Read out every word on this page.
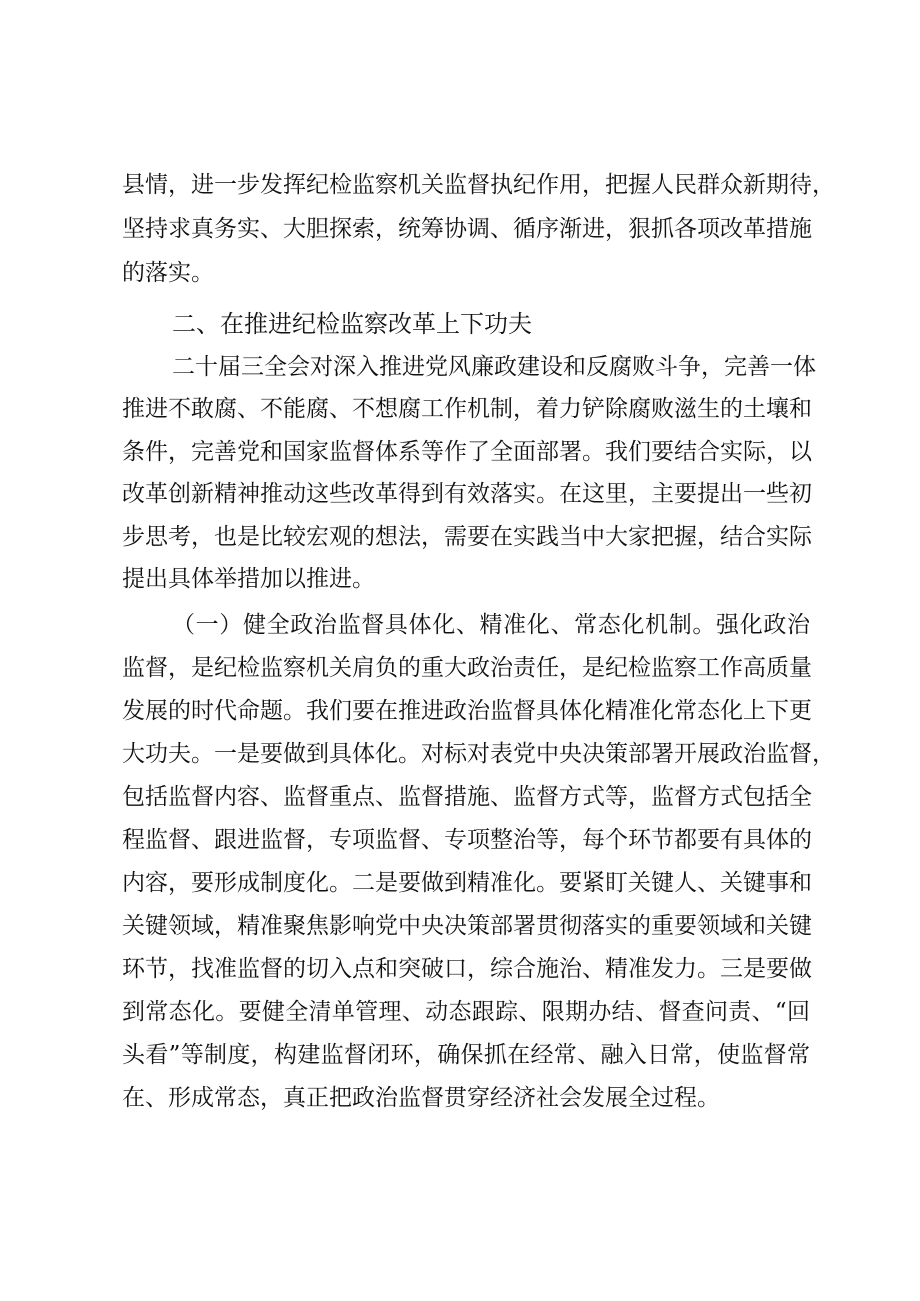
县情，进一步发挥纪检监察机关监督执纪作用，把握人民群众新期待，
坚持求真务实、大胆探索，统筹协调、循序渐进，狠抓各项改革措施
的落实。
二、在推进纪检监察改革上下功夫
二十届三全会对深入推进党风廉政建设和反腐败斗争，完善一体
推进不敢腐、不能腐、不想腐工作机制，着力铲除腐败滋生的土壤和
条件，完善党和国家监督体系等作了全面部署。我们要结合实际，以
改革创新精神推动这些改革得到有效落实。在这里，主要提出一些初
步思考，也是比较宏观的想法，需要在实践当中大家把握，结合实际
提出具体举措加以推进。
（一）健全政治监督具体化、精准化、常态化机制。强化政治
监督，是纪检监察机关肩负的重大政治责任，是纪检监察工作高质量
发展的时代命题。我们要在推进政治监督具体化精准化常态化上下更
大功夫。一是要做到具体化。对标对表党中央决策部署开展政治监督，
包括监督内容、监督重点、监督措施、监督方式等，监督方式包括全
程监督、跟进监督，专项监督、专项整治等，每个环节都要有具体的
内容，要形成制度化。二是要做到精准化。要紧盯关键人、关键事和
关键领域，精准聚焦影响党中央决策部署贯彻落实的重要领域和关键
环节，找准监督的切入点和突破口，综合施治、精准发力。三是要做
到常态化。要健全清单管理、动态跟踪、限期办结、督查问责、“回
头看”等制度，构建监督闭环，确保抓在经常、融入日常，使监督常
在、形成常态，真正把政治监督贯穿经济社会发展全过程。
